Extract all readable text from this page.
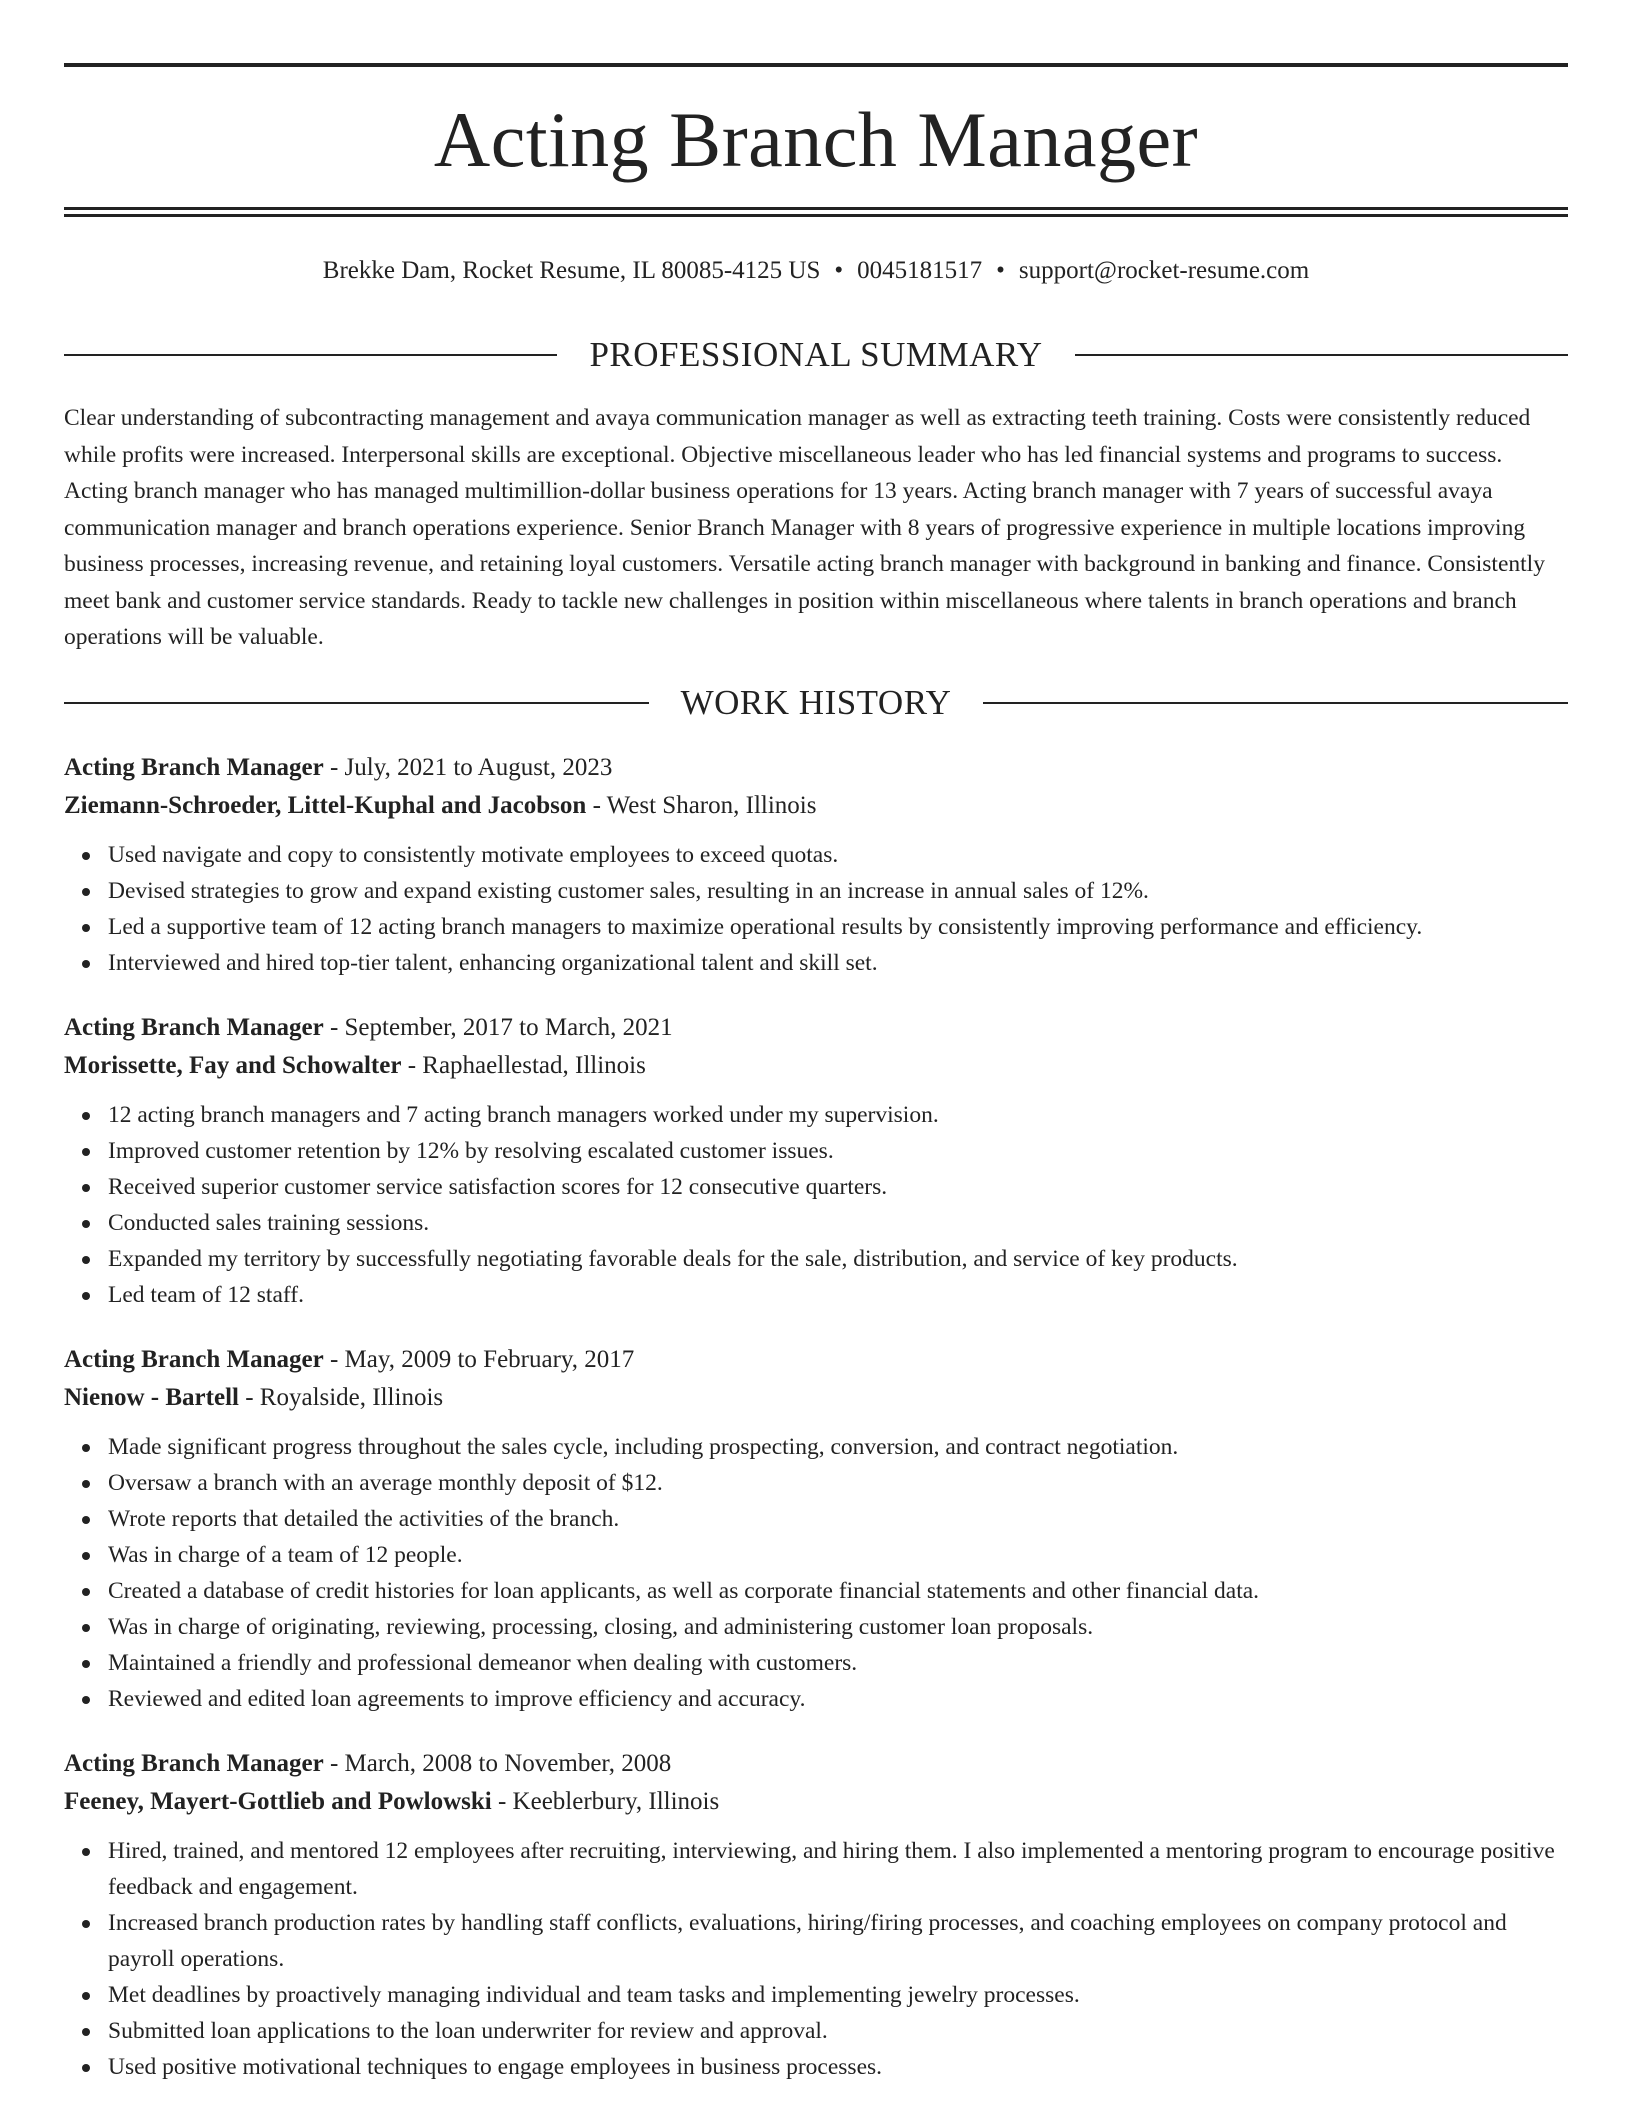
Acting Branch Manager
Brekke Dam, Rocket Resume, IL 80085-4125 US • 0045181517 • support@rocket-resume.com
PROFESSIONAL SUMMARY

Clear understanding of subcontracting management and avaya communication manager as well as extracting teeth training. Costs were consistently reduced while profits were increased. Interpersonal skills are exceptional. Objective miscellaneous leader who has led financial systems and programs to success. Acting branch manager who has managed multimillion-dollar business operations for 13 years. Acting branch manager with 7 years of successful avaya communication manager and branch operations experience. Senior Branch Manager with 8 years of progressive experience in multiple locations improving business processes, increasing revenue, and retaining loyal customers. Versatile acting branch manager with background in banking and finance. Consistently meet bank and customer service standards. Ready to tackle new challenges in position within miscellaneous where talents in branch operations and branch operations will be valuable.

WORK HISTORY
Acting Branch Manager - July, 2021 to August, 2023
Ziemann-Schroeder, Littel-Kuphal and Jacobson - West Sharon, Illinois
Used navigate and copy to consistently motivate employees to exceed quotas.
Devised strategies to grow and expand existing customer sales, resulting in an increase in annual sales of 12%.
Led a supportive team of 12 acting branch managers to maximize operational results by consistently improving performance and efficiency.
Interviewed and hired top-tier talent, enhancing organizational talent and skill set.
Acting Branch Manager - September, 2017 to March, 2021
Morissette, Fay and Schowalter - Raphaellestad, Illinois
12 acting branch managers and 7 acting branch managers worked under my supervision.
Improved customer retention by 12% by resolving escalated customer issues.
Received superior customer service satisfaction scores for 12 consecutive quarters.
Conducted sales training sessions.
Expanded my territory by successfully negotiating favorable deals for the sale, distribution, and service of key products.
Led team of 12 staff.
Acting Branch Manager - May, 2009 to February, 2017
Nienow - Bartell - Royalside, Illinois
Made significant progress throughout the sales cycle, including prospecting, conversion, and contract negotiation.
Oversaw a branch with an average monthly deposit of $12.
Wrote reports that detailed the activities of the branch.
Was in charge of a team of 12 people.
Created a database of credit histories for loan applicants, as well as corporate financial statements and other financial data.
Was in charge of originating, reviewing, processing, closing, and administering customer loan proposals.
Maintained a friendly and professional demeanor when dealing with customers.
Reviewed and edited loan agreements to improve efficiency and accuracy.
Acting Branch Manager - March, 2008 to November, 2008
Feeney, Mayert-Gottlieb and Powlowski - Keeblerbury, Illinois
Hired, trained, and mentored 12 employees after recruiting, interviewing, and hiring them. I also implemented a mentoring program to encourage positive feedback and engagement.
Increased branch production rates by handling staff conflicts, evaluations, hiring/firing processes, and coaching employees on company protocol and payroll operations.
Met deadlines by proactively managing individual and team tasks and implementing jewelry processes.
Submitted loan applications to the loan underwriter for review and approval.
Used positive motivational techniques to engage employees in business processes.
